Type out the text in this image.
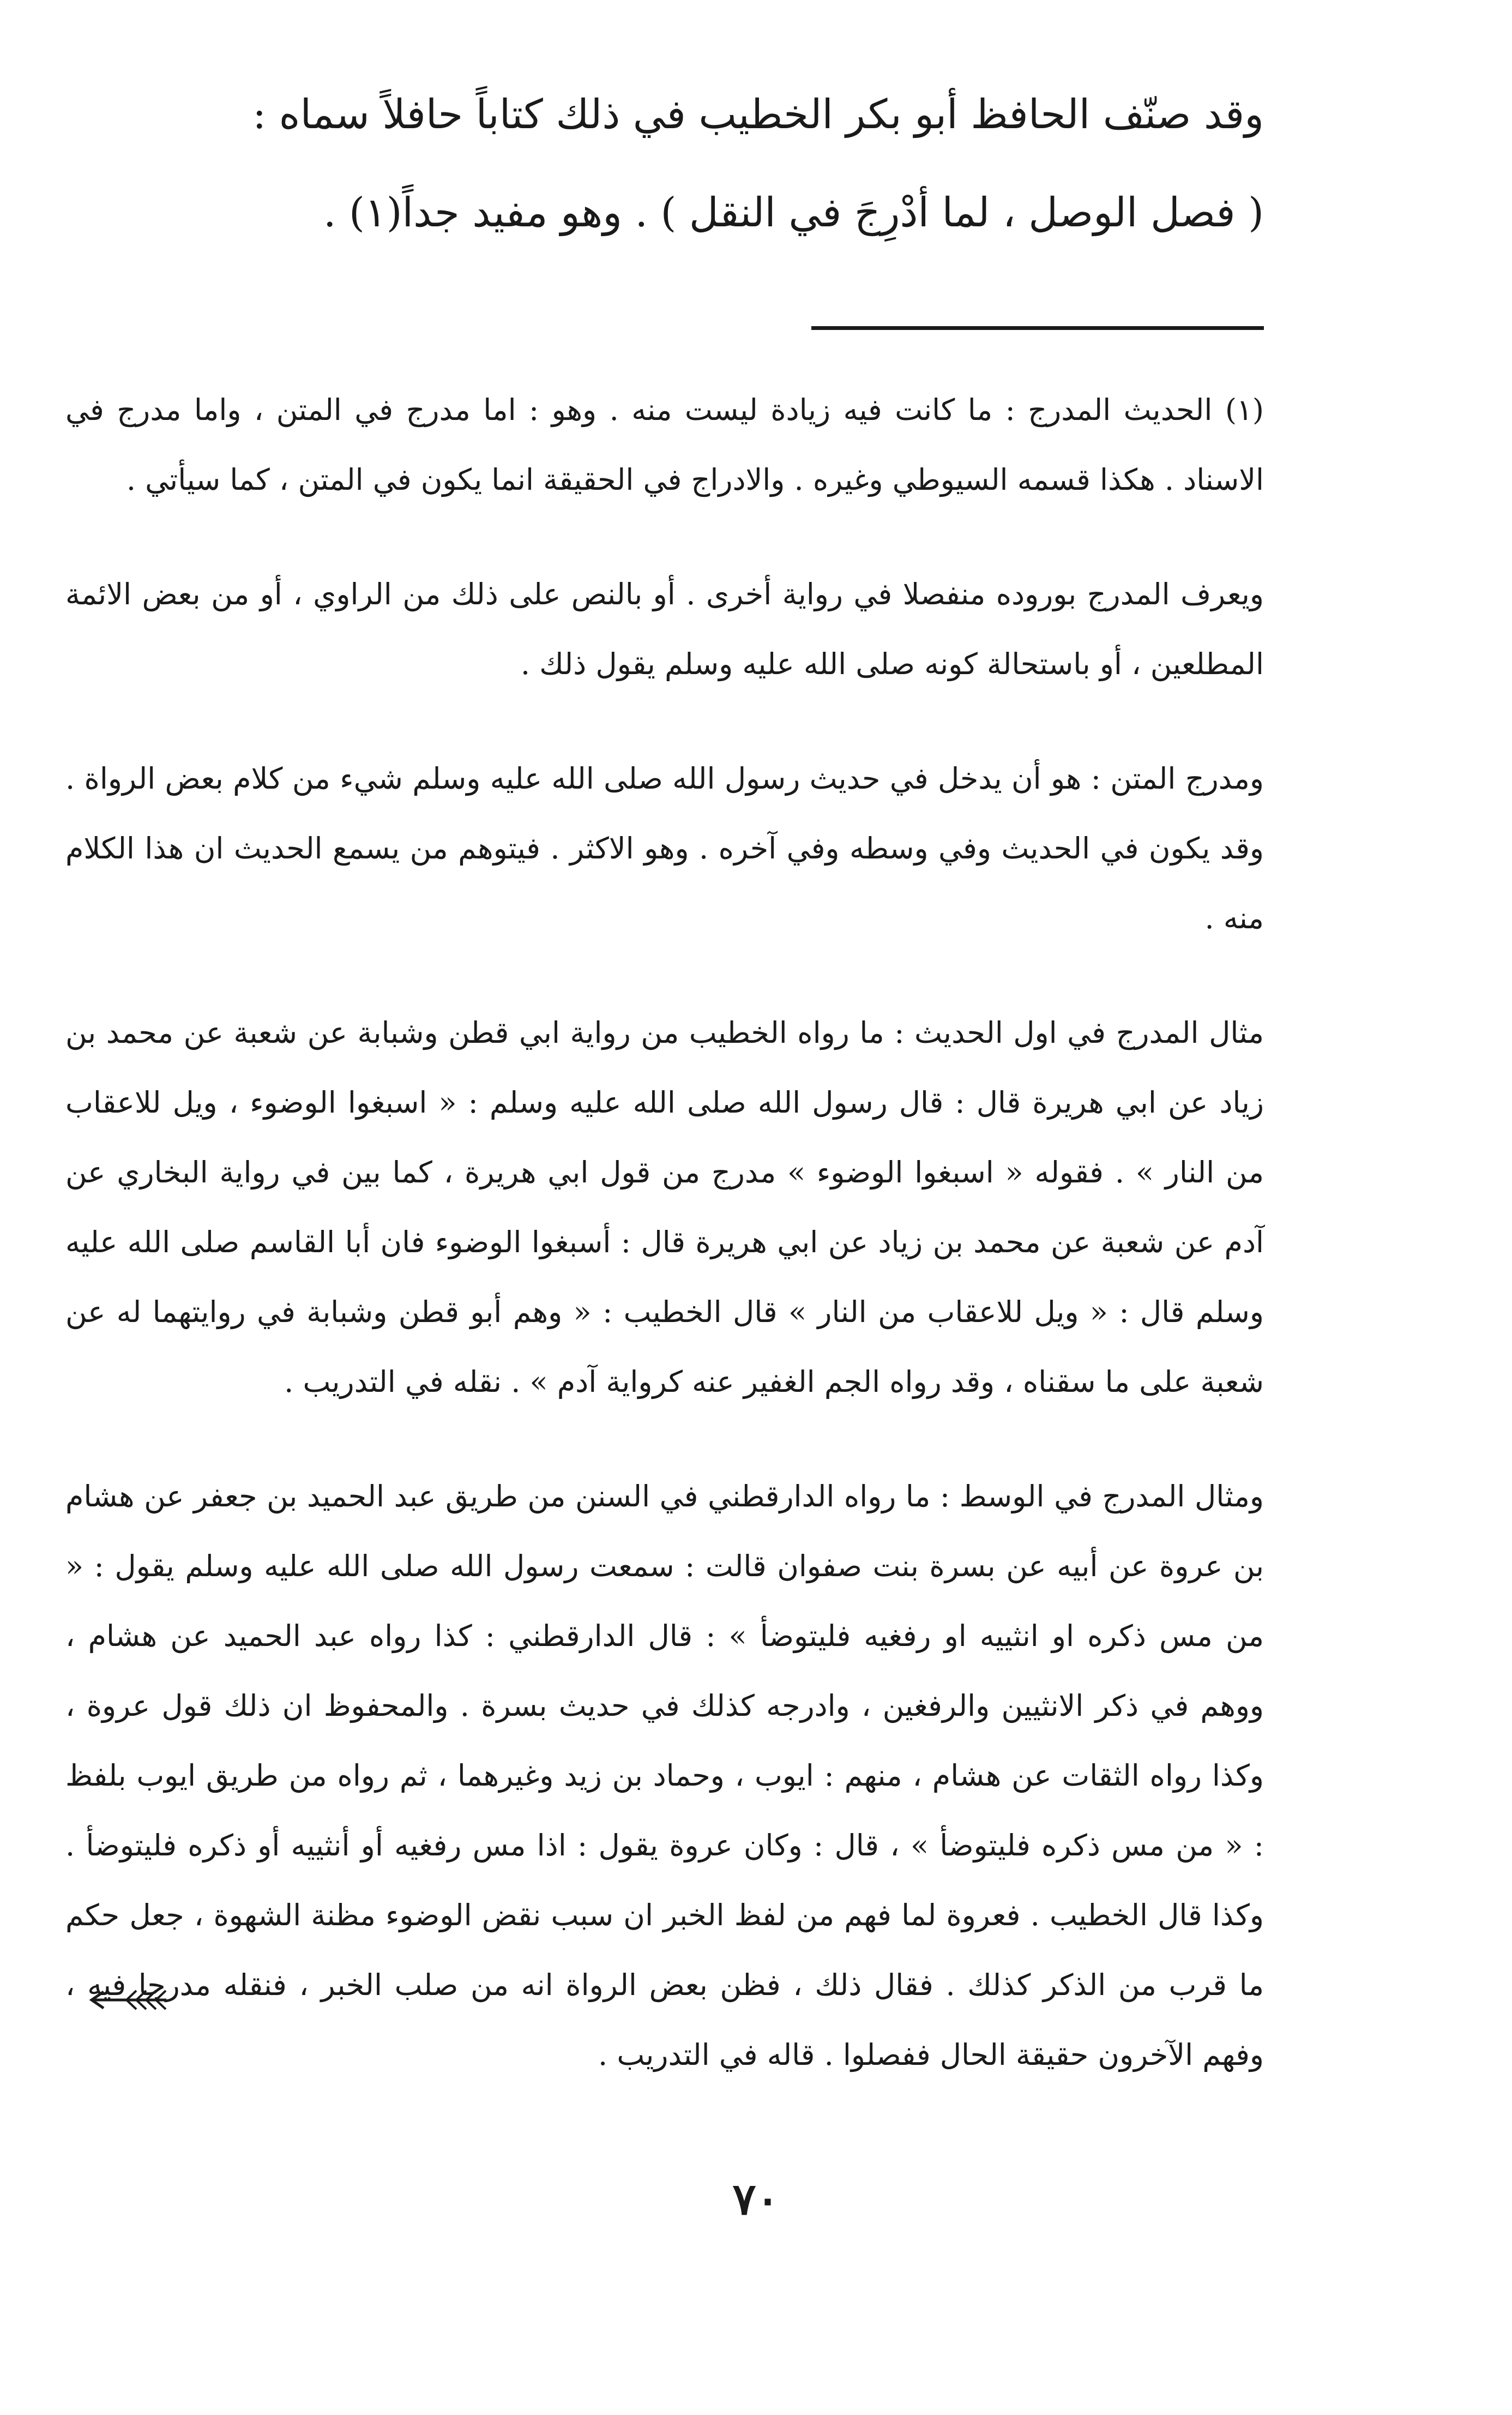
وقد صنّف الحافظ أبو بكر الخطيب في ذلك كتاباً حافلاً سماه :

( فصل الوصل ، لما أدْرِجَ في النقل ) . وهو مفيد جداً(١) .

(١) الحديث المدرج : ما كانت فيه زيادة ليست منه . وهو : اما مدرج في المتن ، واما مدرج في الاسناد . هكذا قسمه السيوطي وغيره . والادراج في الحقيقة انما يكون في المتن ، كما سيأتي .

ويعرف المدرج بوروده منفصلا في رواية أخرى . أو بالنص على ذلك من الراوي ، أو من بعض الائمة المطلعين ، أو باستحالة كونه صلى الله عليه وسلم يقول ذلك .

ومدرج المتن : هو أن يدخل في حديث رسول الله صلى الله عليه وسلم شيء من كلام بعض الرواة . وقد يكون في الحديث وفي وسطه وفي آخره . وهو الاكثر . فيتوهم من يسمع الحديث ان هذا الكلام منه .

مثال المدرج في اول الحديث : ما رواه الخطيب من رواية ابي قطن وشبابة عن شعبة عن محمد بن زياد عن ابي هريرة قال : قال رسول الله صلى الله عليه وسلم : « اسبغوا الوضوء ، ويل للاعقاب من النار » . فقوله « اسبغوا الوضوء » مدرج من قول ابي هريرة ، كما بين في رواية البخاري عن آدم عن شعبة عن محمد بن زياد عن ابي هريرة قال : أسبغوا الوضوء فان أبا القاسم صلى الله عليه وسلم قال : « ويل للاعقاب من النار » قال الخطيب : « وهم أبو قطن وشبابة في روايتهما له عن شعبة على ما سقناه ، وقد رواه الجم الغفير عنه كرواية آدم » . نقله في التدريب .

ومثال المدرج في الوسط : ما رواه الدارقطني في السنن من طريق عبد الحميد بن جعفر عن هشام بن عروة عن أبيه عن بسرة بنت صفوان قالت : سمعت رسول الله صلى الله عليه وسلم يقول : « من مس ذكره او انثييه او رفغيه فليتوضأ » : قال الدارقطني : كذا رواه عبد الحميد عن هشام ، ووهم في ذكر الانثيين والرفغين ، وادرجه كذلك في حديث بسرة . والمحفوظ ان ذلك قول عروة ، وكذا رواه الثقات عن هشام ، منهم : ايوب ، وحماد بن زيد وغيرهما ، ثم رواه من طريق ايوب بلفظ : « من مس ذكره فليتوضأ » ، قال : وكان عروة يقول : اذا مس رفغيه أو أنثييه أو ذكره فليتوضأ . وكذا قال الخطيب . فعروة لما فهم من لفظ الخبر ان سبب نقض الوضوء مظنة الشهوة ، جعل حكم ما قرب من الذكر كذلك . فقال ذلك ، فظن بعض الرواة انه من صلب الخبر ، فنقله مدرجا فيه ، وفهم الآخرون حقيقة الحال ففصلوا . قاله في التدريب .

٧٠
